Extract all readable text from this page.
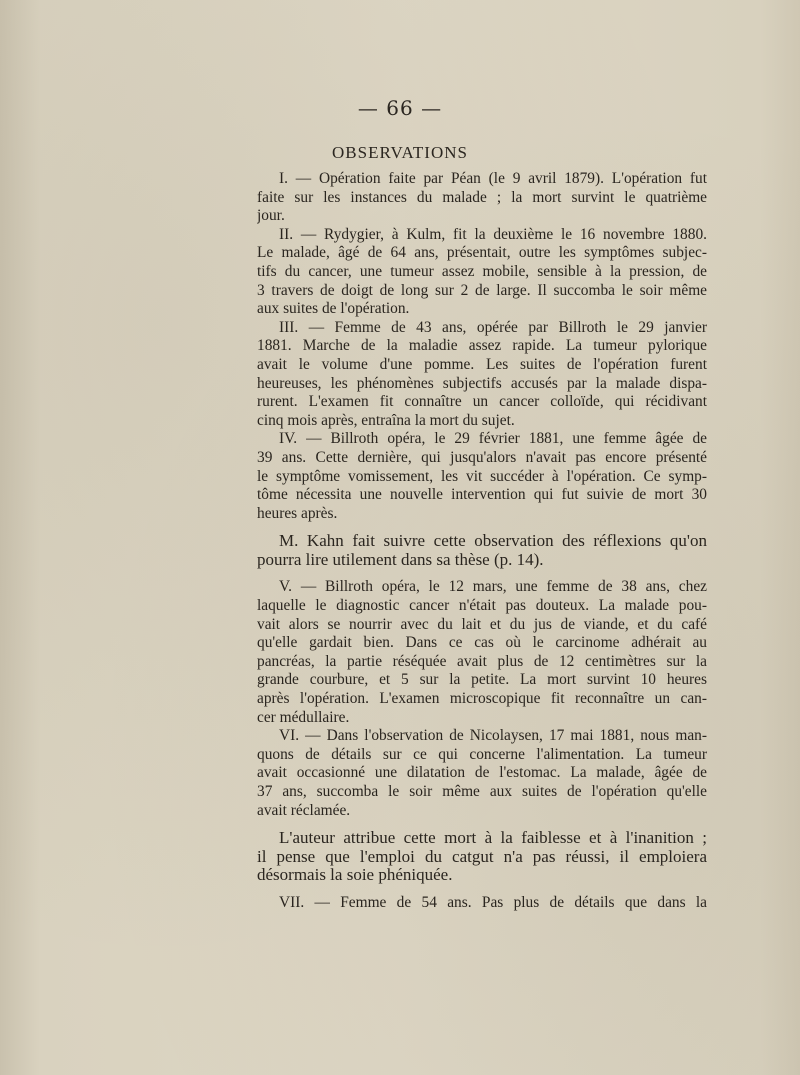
— 66 —
OBSERVATIONS
I. — Opération faite par Péan (le 9 avril 1879). L'opération fut
faite sur les instances du malade ; la mort survint le quatrième
jour.
II. — Rydygier, à Kulm, fit la deuxième le 16 novembre 1880.
Le malade, âgé de 64 ans, présentait, outre les symptômes subjec-
tifs du cancer, une tumeur assez mobile, sensible à la pression, de
3 travers de doigt de long sur 2 de large. Il succomba le soir même
aux suites de l'opération.
III. — Femme de 43 ans, opérée par Billroth le 29 janvier
1881. Marche de la maladie assez rapide. La tumeur pylorique
avait le volume d'une pomme. Les suites de l'opération furent
heureuses, les phénomènes subjectifs accusés par la malade dispa-
rurent. L'examen fit connaître un cancer colloïde, qui récidivant
cinq mois après, entraîna la mort du sujet.
IV. — Billroth opéra, le 29 février 1881, une femme âgée de
39 ans. Cette dernière, qui jusqu'alors n'avait pas encore présenté
le symptôme vomissement, les vit succéder à l'opération. Ce symp-
tôme nécessita une nouvelle intervention qui fut suivie de mort 30
heures après.
M. Kahn fait suivre cette observation des réflexions qu'on
pourra lire utilement dans sa thèse (p. 14).
V. — Billroth opéra, le 12 mars, une femme de 38 ans, chez
laquelle le diagnostic cancer n'était pas douteux. La malade pou-
vait alors se nourrir avec du lait et du jus de viande, et du café
qu'elle gardait bien. Dans ce cas où le carcinome adhérait au
pancréas, la partie réséquée avait plus de 12 centimètres sur la
grande courbure, et 5 sur la petite. La mort survint 10 heures
après l'opération. L'examen microscopique fit reconnaître un can-
cer médullaire.
VI. — Dans l'observation de Nicolaysen, 17 mai 1881, nous man-
quons de détails sur ce qui concerne l'alimentation. La tumeur
avait occasionné une dilatation de l'estomac. La malade, âgée de
37 ans, succomba le soir même aux suites de l'opération qu'elle
avait réclamée.
L'auteur attribue cette mort à la faiblesse et à l'inanition ;
il pense que l'emploi du catgut n'a pas réussi, il emploiera
désormais la soie phéniquée.
VII. — Femme de 54 ans. Pas plus de détails que dans la
